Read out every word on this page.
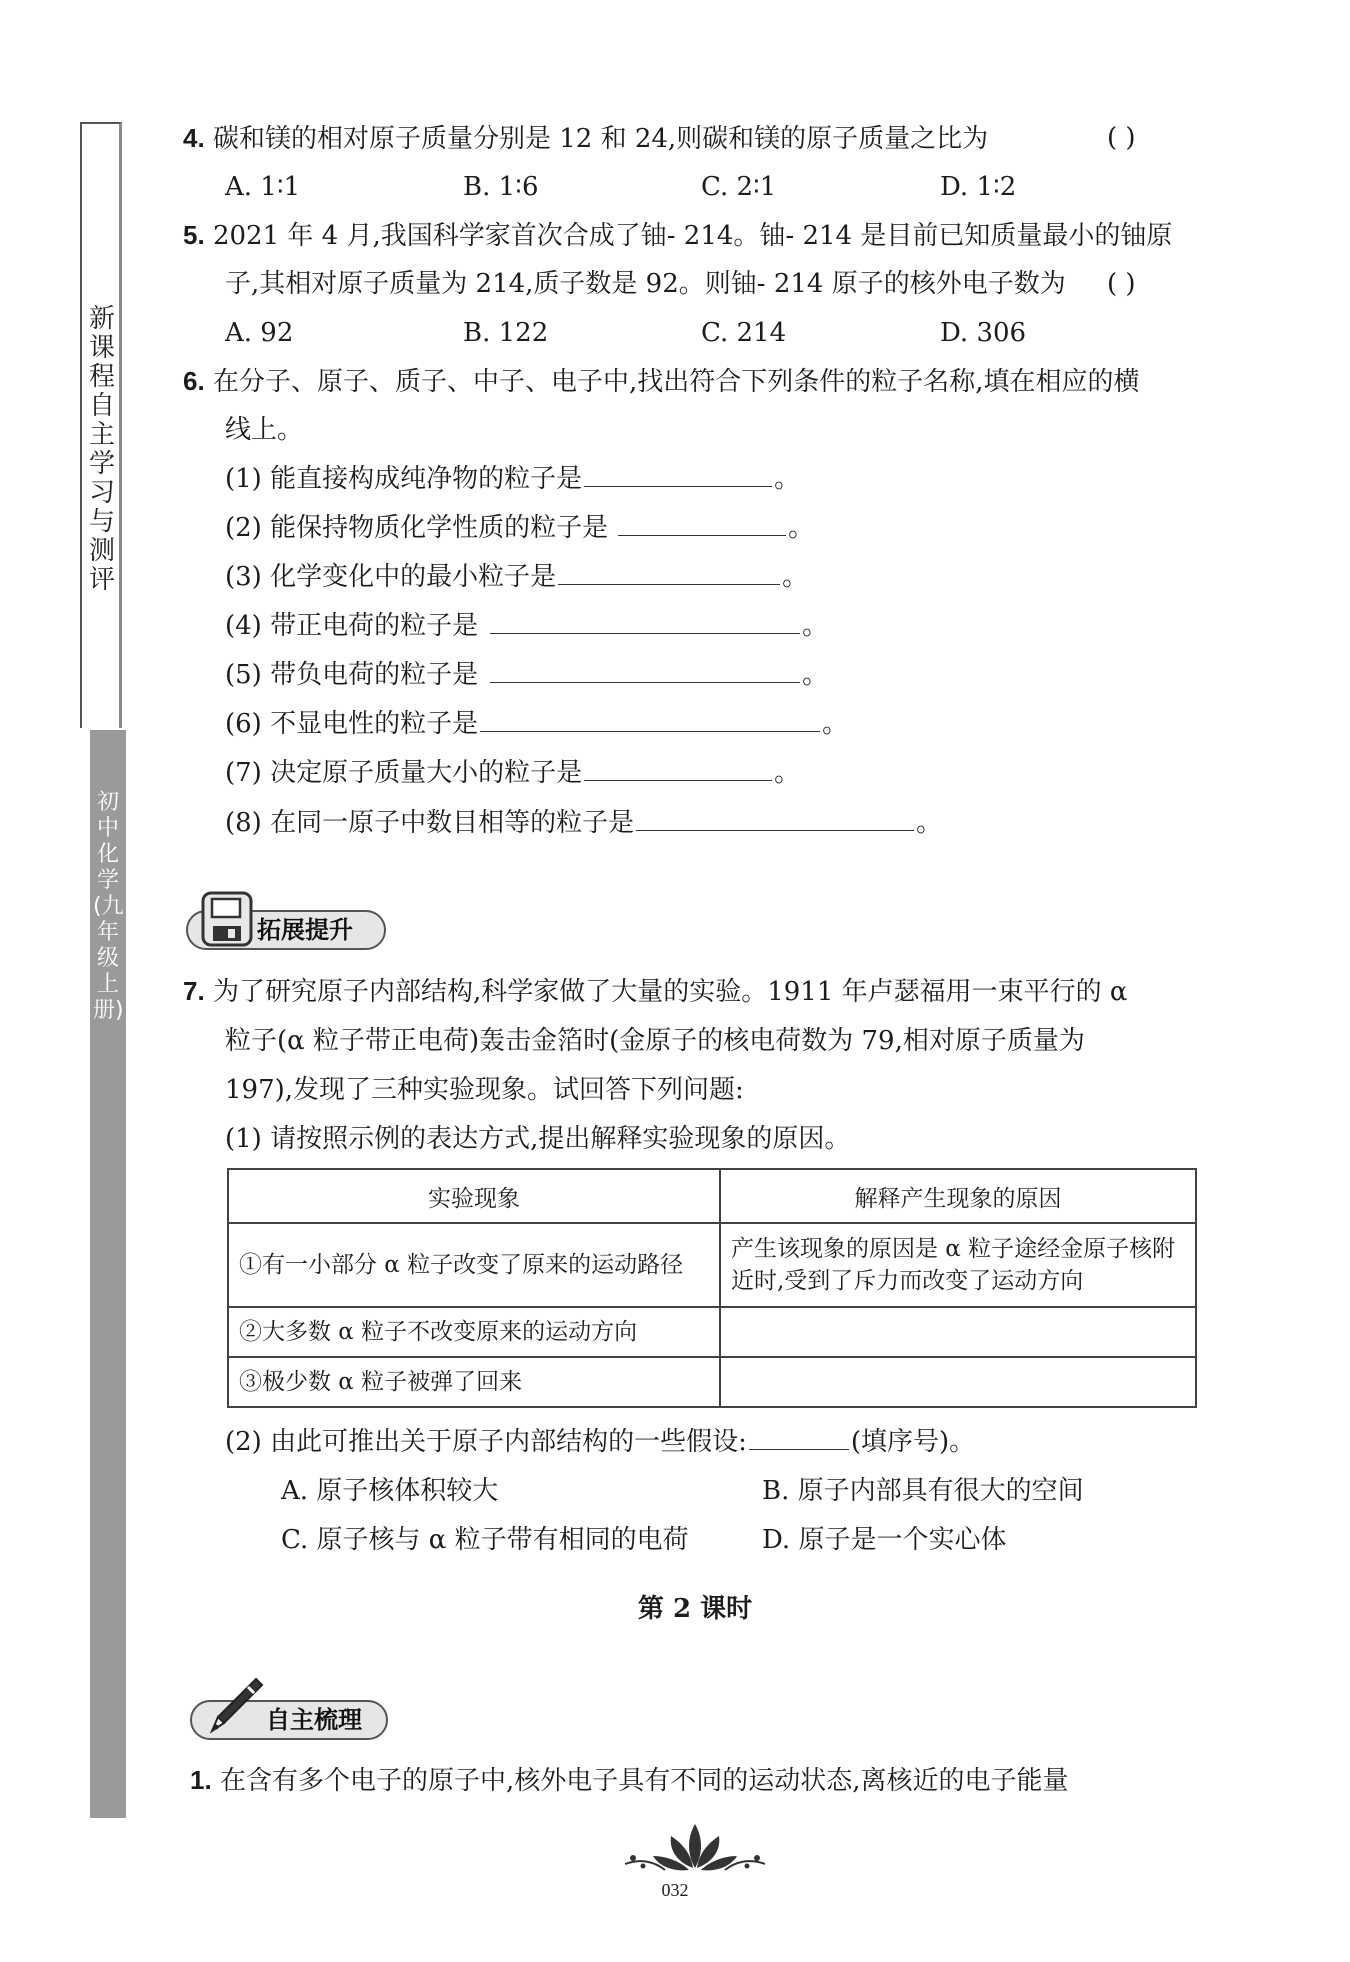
新课程自主学习与测评
初中化学(九年级上册)
4. 碳和镁的相对原子质量分别是 12 和 24,则碳和镁的原子质量之比为	( )
A. 1∶1	B. 1∶6	C. 2∶1	D. 1∶2
5. 2021 年 4 月,我国科学家首次合成了铀- 214。铀- 214 是目前已知质量最小的铀原
子,其相对原子质量为 214,质子数是 92。则铀- 214 原子的核外电子数为 ( )
A. 92	B. 122	C. 214	D. 306
6. 在分子、原子、质子、中子、电子中,找出符合下列条件的粒子名称,填在相应的横
线上。
(1) 能直接构成纯净物的粒子是	。
(2) 能保持物质化学性质的粒子是	。
(3) 化学变化中的最小粒子是	。
(4) 带正电荷的粒子是	。
(5) 带负电荷的粒子是	。
(6) 不显电性的粒子是	。
(7) 决定原子质量大小的粒子是	。
(8) 在同一原子中数目相等的粒子是	。
拓展提升
7. 为了研究原子内部结构,科学家做了大量的实验。1911 年卢瑟福用一束平行的 α
粒子(α 粒子带正电荷)轰击金箔时(金原子的核电荷数为 79,相对原子质量为
197),发现了三种实验现象。试回答下列问题:
(1) 请按照示例的表达方式,提出解释实验现象的原因。
实验现象	解释产生现象的原因
①有一小部分 α 粒子改变了原来的运动路径	产生该现象的原因是 α 粒子途经金原子核附近时,受到了斥力而改变了运动方向
②大多数 α 粒子不改变原来的运动方向	
③极少数 α 粒子被弹了回来	
(2) 由此可推出关于原子内部结构的一些假设:	(填序号)。
A. 原子核体积较大	B. 原子内部具有很大的空间
C. 原子核与 α 粒子带有相同的电荷	D. 原子是一个实心体
第 2 课时
自主梳理
1. 在含有多个电子的原子中,核外电子具有不同的运动状态,离核近的电子能量
032
